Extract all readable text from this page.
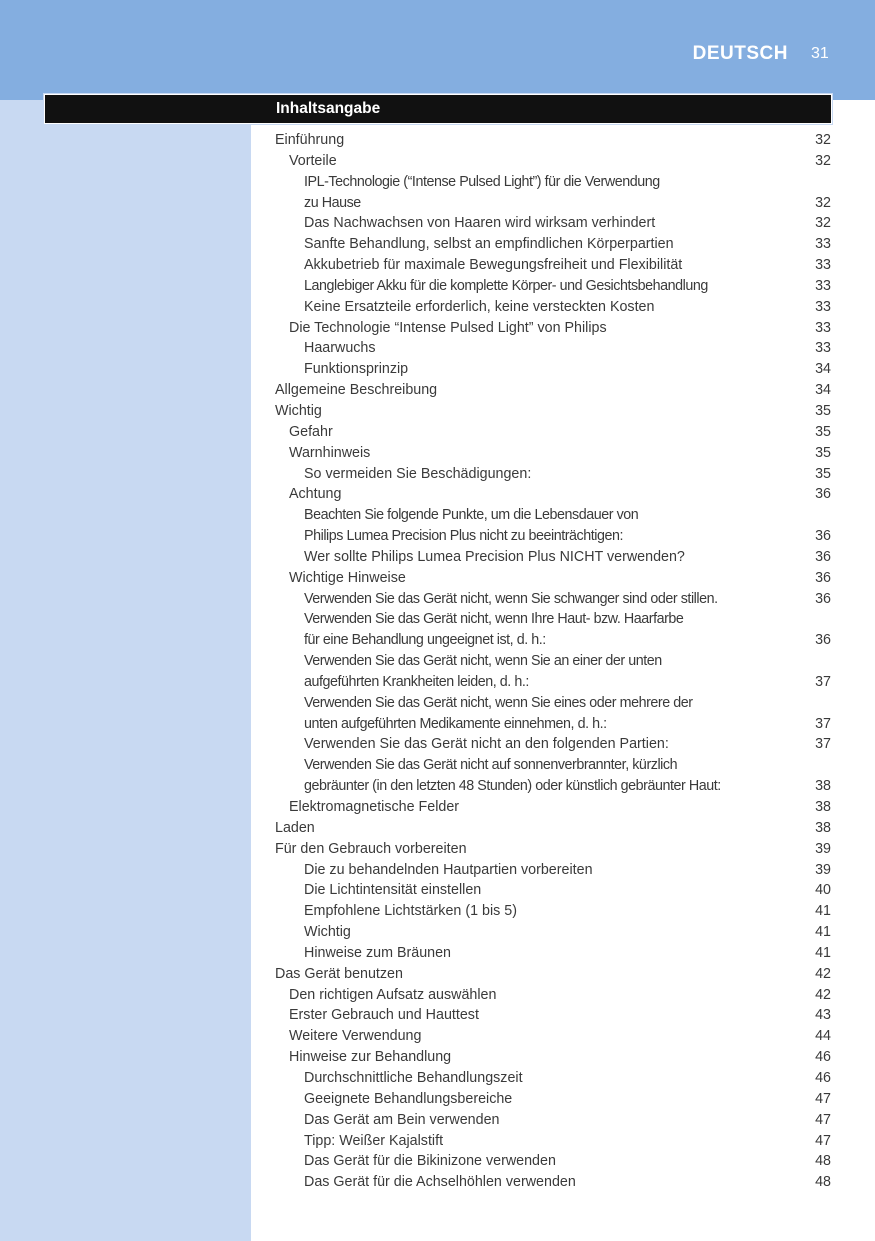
DEUTSCH 31
Inhaltsangabe
Einführung	32
Vorteile	32
IPL-Technologie (“Intense Pulsed Light”) für die Verwendung
zu Hause	32
Das Nachwachsen von Haaren wird wirksam verhindert	32
Sanfte Behandlung, selbst an empfindlichen Körperpartien	33
Akkubetrieb für maximale Bewegungsfreiheit und Flexibilität	33
Langlebiger Akku für die komplette Körper- und Gesichtsbehandlung	33
Keine Ersatzteile erforderlich, keine versteckten Kosten	33
Die Technologie “Intense Pulsed Light” von Philips	33
Haarwuchs	33
Funktionsprinzip	34
Allgemeine Beschreibung	34
Wichtig	35
Gefahr	35
Warnhinweis	35
So vermeiden Sie Beschädigungen:	35
Achtung	36
Beachten Sie folgende Punkte, um die Lebensdauer von
Philips Lumea Precision Plus nicht zu beeinträchtigen:	36
Wer sollte Philips Lumea Precision Plus NICHT verwenden?	36
Wichtige Hinweise	36
Verwenden Sie das Gerät nicht, wenn Sie schwanger sind oder stillen.	36
Verwenden Sie das Gerät nicht, wenn Ihre Haut- bzw. Haarfarbe
für eine Behandlung ungeeignet ist, d. h.:	36
Verwenden Sie das Gerät nicht, wenn Sie an einer der unten
aufgeführten Krankheiten leiden, d. h.:	37
Verwenden Sie das Gerät nicht, wenn Sie eines oder mehrere der
unten aufgeführten Medikamente einnehmen, d. h.:	37
Verwenden Sie das Gerät nicht an den folgenden Partien:	37
Verwenden Sie das Gerät nicht auf sonnenverbrannter, kürzlich
gebräunter (in den letzten 48 Stunden) oder künstlich gebräunter Haut:	38
Elektromagnetische Felder	38
Laden	38
Für den Gebrauch vorbereiten	39
Die zu behandelnden Hautpartien vorbereiten	39
Die Lichtintensität einstellen	40
Empfohlene Lichtstärken (1 bis 5)	41
Wichtig	41
Hinweise zum Bräunen	41
Das Gerät benutzen	42
Den richtigen Aufsatz auswählen	42
Erster Gebrauch und Hauttest	43
Weitere Verwendung	44
Hinweise zur Behandlung	46
Durchschnittliche Behandlungszeit	46
Geeignete Behandlungsbereiche	47
Das Gerät am Bein verwenden	47
Tipp: Weißer Kajalstift	47
Das Gerät für die Bikinizone verwenden	48
Das Gerät für die Achselhöhlen verwenden	48
